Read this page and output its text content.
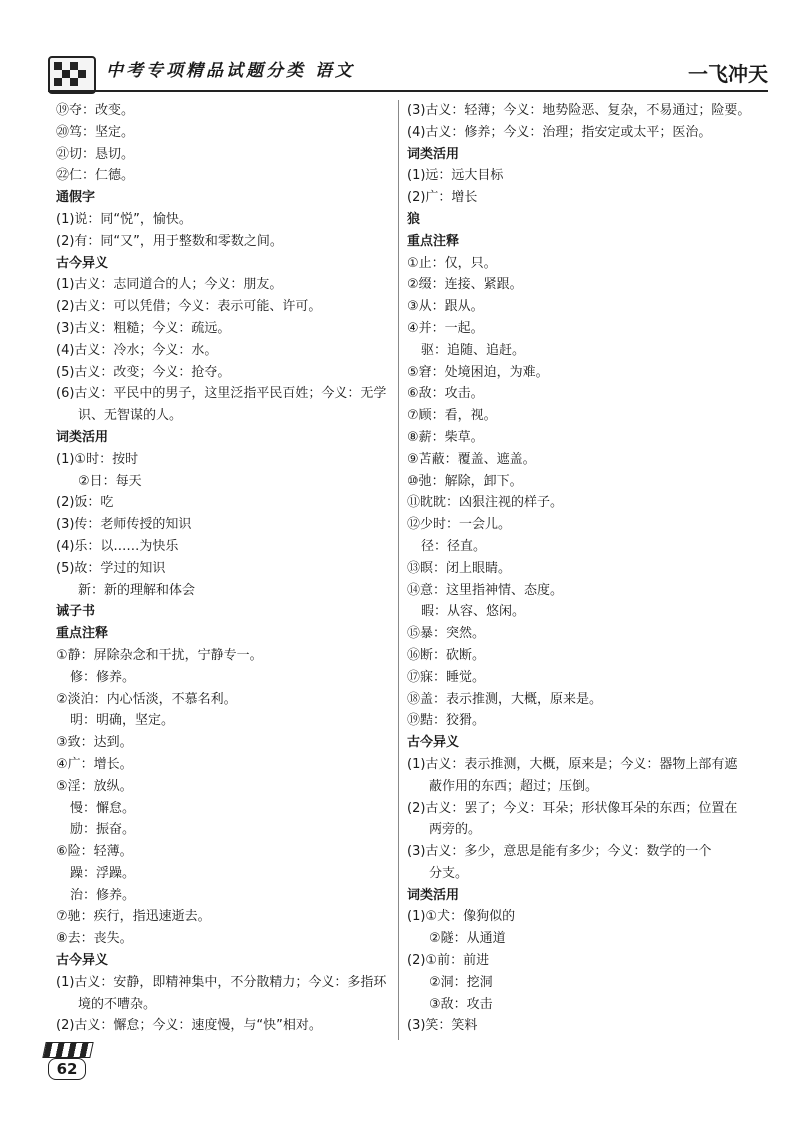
中考专项精品试题分类 语文	一飞冲天
⑲夺：改变。
⑳笃：坚定。
㉑切：恳切。
㉒仁：仁德。
通假字
(1)说：同“悦”，愉快。
(2)有：同“又”，用于整数和零数之间。
古今异义
(1)古义：志同道合的人；今义：朋友。
(2)古义：可以凭借；今义：表示可能、许可。
(3)古义：粗糙；今义：疏远。
(4)古义：冷水；今义：水。
(5)古义：改变；今义：抢夺。
(6)古义：平民中的男子，这里泛指平民百姓；今义：无学
识、无智谋的人。
词类活用
(1)①时：按时
②日：每天
(2)饭：吃
(3)传：老师传授的知识
(4)乐：以……为快乐
(5)故：学过的知识
新：新的理解和体会
诫子书
重点注释
①静：屏除杂念和干扰，宁静专一。
修：修养。
②淡泊：内心恬淡，不慕名利。
明：明确，坚定。
③致：达到。
④广：增长。
⑤淫：放纵。
慢：懈怠。
励：振奋。
⑥险：轻薄。
躁：浮躁。
治：修养。
⑦驰：疾行，指迅速逝去。
⑧去：丧失。
古今异义
(1)古义：安静，即精神集中，不分散精力；今义：多指环
境的不嘈杂。
(2)古义：懈怠；今义：速度慢，与“快”相对。
(3)古义：轻薄；今义：地势险恶、复杂，不易通过；险要。
(4)古义：修养；今义：治理；指安定或太平；医治。
词类活用
(1)远：远大目标
(2)广：增长
狼
重点注释
①止：仅，只。
②缀：连接、紧跟。
③从：跟从。
④并：一起。
驱：追随、追赶。
⑤窘：处境困迫，为难。
⑥敌：攻击。
⑦顾：看，视。
⑧薪：柴草。
⑨苫蔽：覆盖、遮盖。
⑩弛：解除，卸下。
⑪眈眈：凶狠注视的样子。
⑫少时：一会儿。
径：径直。
⑬瞑：闭上眼睛。
⑭意：这里指神情、态度。
暇：从容、悠闲。
⑮暴：突然。
⑯断：砍断。
⑰寐：睡觉。
⑱盖：表示推测，大概，原来是。
⑲黠：狡猾。
古今异义
(1)古义：表示推测，大概，原来是；今义：器物上部有遮
蔽作用的东西；超过；压倒。
(2)古义：罢了；今义：耳朵；形状像耳朵的东西；位置在
两旁的。
(3)古义：多少，意思是能有多少；今义：数学的一个
分支。
词类活用
(1)①犬：像狗似的
②隧：从通道
(2)①前：前进
②洞：挖洞
③敌：攻击
(3)笑：笑料
62
